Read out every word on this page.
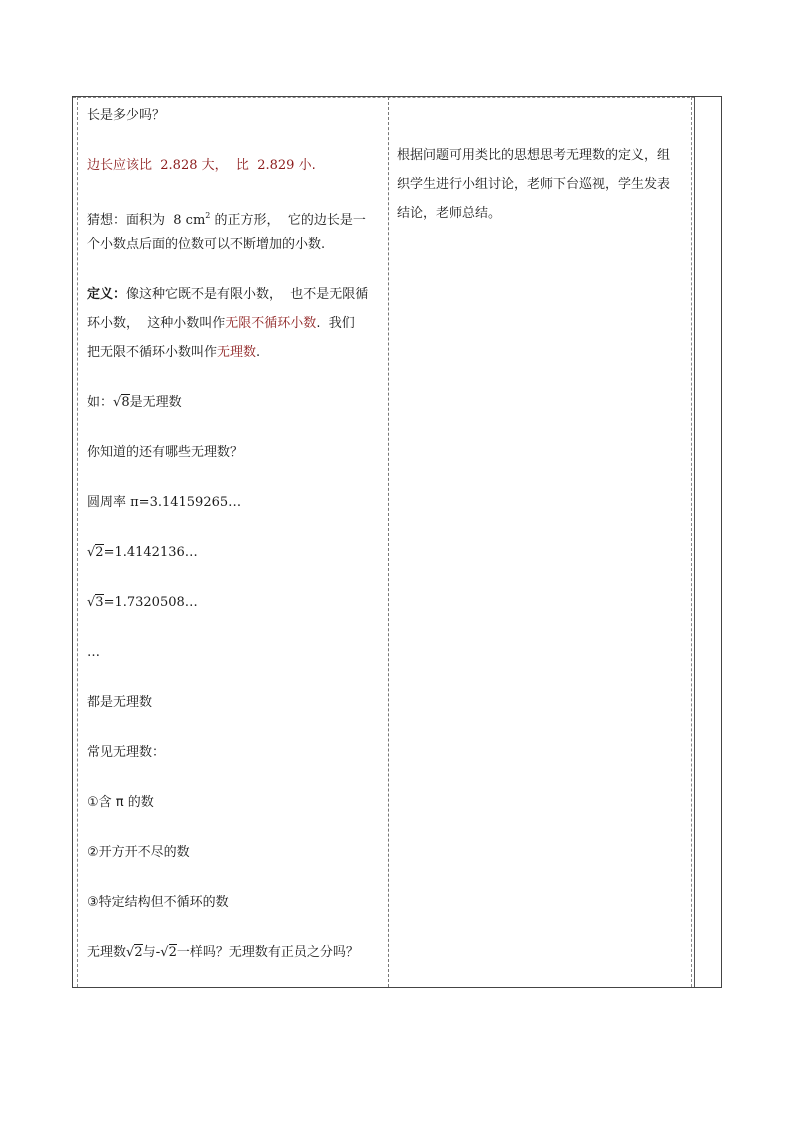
长是多少吗？
边长应该比 2.828 大， 比 2.829 小.
猜想：面积为 8 $cm^2$ 的正方形， 它的边长是一
个小数点后面的位数可以不断增加的小数.
定义：像这种它既不是有限小数， 也不是无限循
环小数， 这种小数叫作无限不循环小数. 我们
把无限不循环小数叫作无理数.
如：√8是无理数
你知道的还有哪些无理数？
圆周率 π=3.14159265…
√2=1.4142136…
√3=1.7320508…
…
都是无理数
常见无理数：
①含 π 的数
②开方开不尽的数
③特定结构但不循环的数
无理数√2与-√2一样吗？无理数有正员之分吗？
根据问题可用类比的思想思考无理数的定义，组
织学生进行小组讨论，老师下台巡视，学生发表
结论，老师总结。
